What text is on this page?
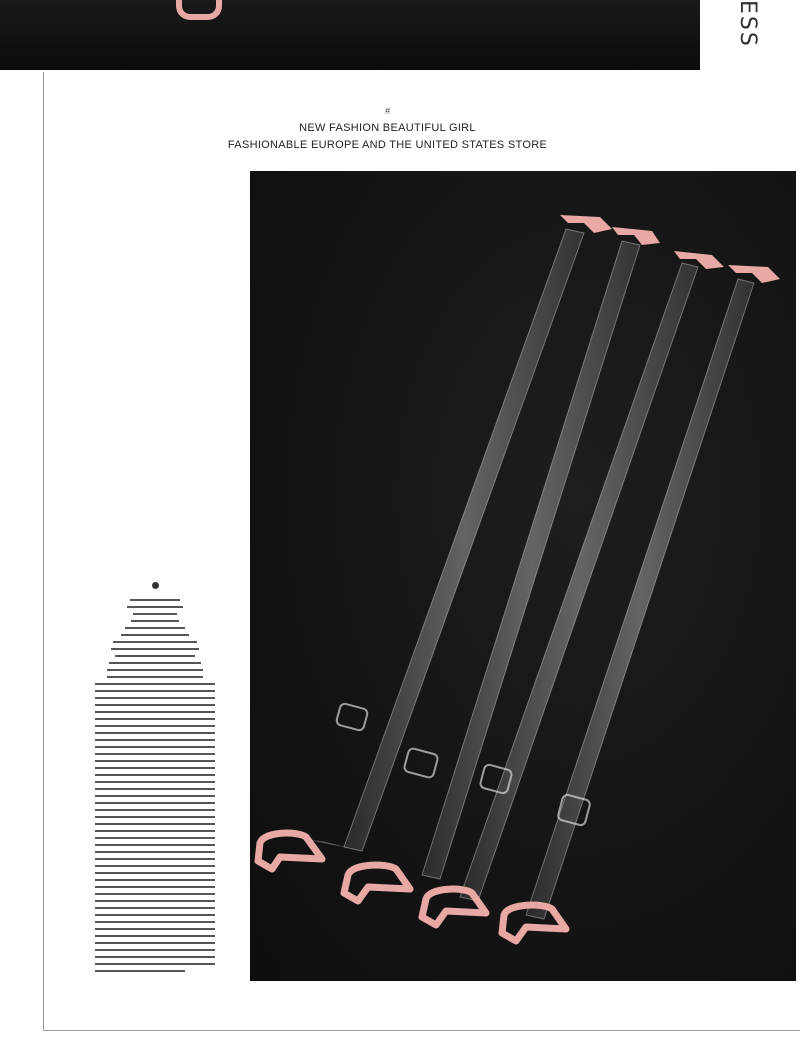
ESS
#
NEW FASHION BEAUTIFUL GIRL
FASHIONABLE EUROPE AND THE UNITED STATES STORE
